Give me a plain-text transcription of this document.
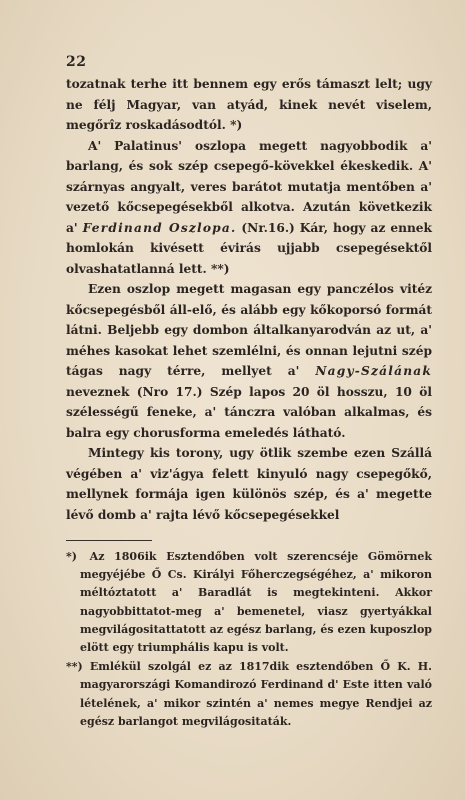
22

tozatnak terhe itt bennem egy erős támaszt lelt; ugy ne félj Magyar, van atyád, kinek nevét viselem, megőrîz roskadásodtól. *)

A' Palatinus' oszlopa megett nagyobbodik a' barlang, és sok szép csepegő-kövekkel ékeskedik. A' szárnyas angyalt, veres barátot mutatja mentőben a' vezető kőcsepegésekből alkotva. Azután következik a' Ferdinand Oszlopa. (Nr.16.) Kár, hogy az ennek homlokán kivésett évirás ujjabb csepegésektől olvashatatlanná lett. **)

Ezen oszlop megett magasan egy panczélos vitéz kőcsepegésből áll-elő, és alább egy kőkoporsó formát látni. Beljebb egy dombon általkanyarodván az ut, a' méhes kasokat lehet szemlélni, és onnan lejutni szép tágas nagy térre, mellyet a' Nagy-Szálának neveznek (Nro 17.) Szép lapos 20 öl hosszu, 10 öl szélességű feneke, a' tánczra valóban alkalmas, és balra egy chorusforma emeledés látható.

Mintegy kis torony, ugy ötlik szembe ezen Szállá végében a' viz'ágya felett kinyuló nagy csepegőkő, mellynek formája igen különös szép, és a' megette lévő domb a' rajta lévő kőcsepegésekkel

*) Az 1806ik Esztendőben volt szerencséje Gömörnek megyéjébe Ő Cs. Királyi Főherczegségéhez, a' mikoron méltóztatott a' Baradlát is megtekinteni. Akkor nagyobbittatot-meg a' bemenetel, viasz gyertyákkal megvilágositattatott az egész barlang, és ezen kuposzlop elött egy triumphális kapu is volt.

**) Emlékül szolgál ez az 1817dik esztendőben Ő K. H. magyarországi Komandirozó Ferdinand d' Este itten való lételének, a' mikor szintén a' nemes megye Rendjei az egész barlangot megvilágositaták.
